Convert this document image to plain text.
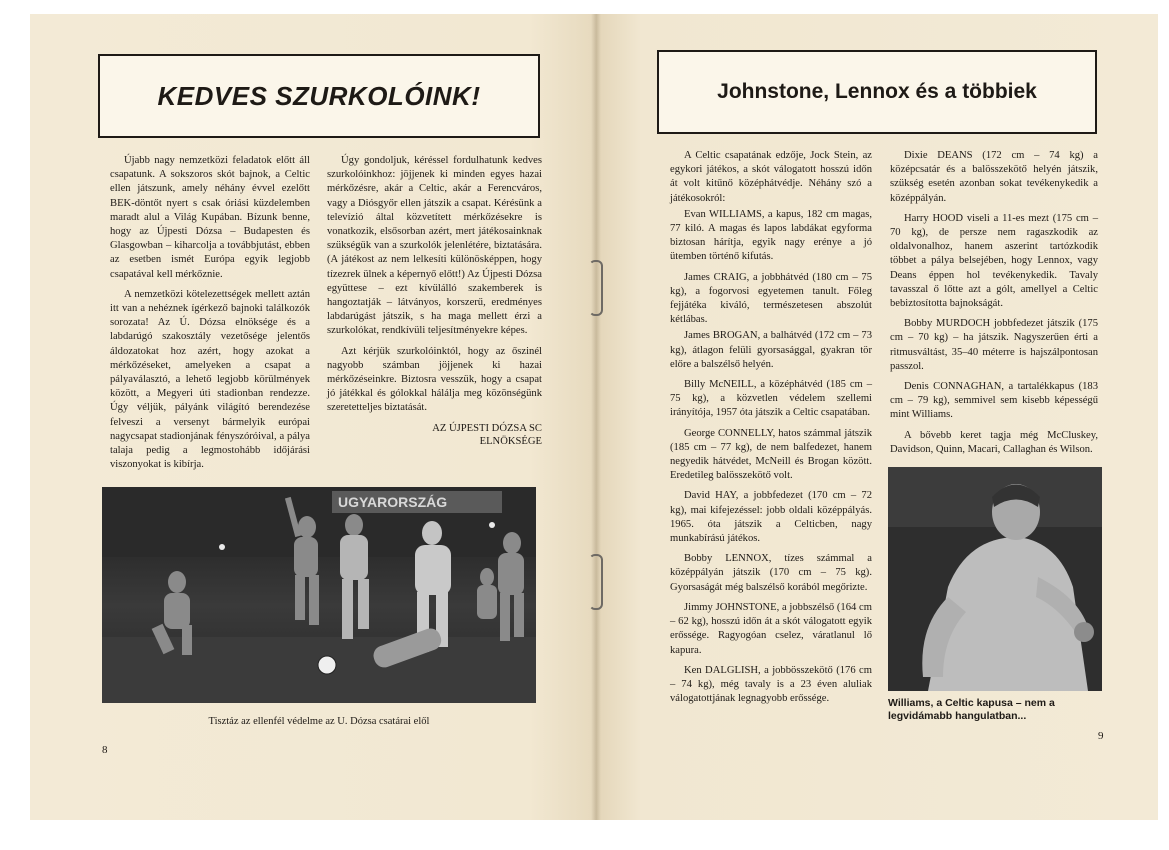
KEDVES SZURKOLÓINK!

Újabb nagy nemzetközi feladatok előtt áll csapatunk. A sokszoros skót bajnok, a Celtic ellen játszunk, amely néhány évvel ezelőtt BEK-döntőt nyert s csak óriási küzdelemben maradt alul a Világ Kupában. Bízunk benne, hogy az Újpesti Dózsa – Budapesten és Glasgowban – kiharcolja a továbbjutást, ebben az esetben ismét Európa egyik legjobb csapatával kell mérkőznie.

A nemzetközi kötelezettségek mellett aztán itt van a nehéznek ígérkező bajnoki találkozók sorozata! Az Ú. Dózsa elnöksége és a labdarúgó szakosztály vezetősége jelentős áldozatokat hoz azért, hogy azokat a mérkőzéseket, amelyeken a csapat a pályaválasztó, a lehető legjobb körülmények között, a Megyeri úti stadionban rendezze. Úgy véljük, pályánk világító berendezése felveszi a versenyt bármelyik európai nagycsapat stadionjának fényszóróival, a pálya talaja pedig a legmostohább időjárási viszonyokat is kibírja.

Úgy gondoljuk, kéréssel fordulhatunk kedves szurkolóinkhoz: jöjjenek ki minden egyes hazai mérkőzésre, akár a Celtic, akár a Ferencváros, vagy a Diósgyőr ellen játszik a csapat. Kérésünk a televízió által közvetített mérkőzésekre is vonatkozik, elsősorban azért, mert játékosainknak szükségük van a szurkolók jelenlétére, biztatására. (A játékost az nem lelkesíti különösképpen, hogy tízezrek ülnek a képernyő előtt!) Az Újpesti Dózsa együttese – ezt kívülálló szakemberek is hangoztatják – látványos, korszerű, eredményes labdarúgást játszik, s ha maga mellett érzi a szurkolókat, rendkívüli teljesítményekre képes.

Azt kérjük szurkolóinktól, hogy az őszinél nagyobb számban jöjjenek ki hazai mérkőzéseinkre. Biztosra vesszük, hogy a csapat jó játékkal és gólokkal hálálja meg közönségünk szeretetteljes biztatását.

AZ ÚJPESTI DÓZSA SC
ELNÖKSÉGE
UGYARORSZÁG
Tisztáz az ellenfél védelme az U. Dózsa csatárai elől
8
Johnstone, Lennox és a többiek

A Celtic csapatának edzője, Jock Stein, az egykori játékos, a skót válogatott hosszú időn át volt kitűnő középhátvédje. Néhány szó a játékosokról:

Evan WILLIAMS, a kapus, 182 cm magas, 77 kiló. A magas és lapos labdákat egyforma biztosan hárítja, egyik nagy erénye a jó ütemben történő kifutás.

James CRAIG, a jobbhátvéd (180 cm – 75 kg), a fogorvosi egyetemen tanult. Főleg fejjátéka kiváló, természetesen abszolút kétlábas.

James BROGAN, a balhátvéd (172 cm – 73 kg), átlagon felüli gyorsasággal, gyakran tör előre a balszélső helyén.

Billy McNEILL, a középhátvéd (185 cm – 75 kg), a közvetlen védelem szellemi irányítója, 1957 óta játszik a Celtic csapatában.

George CONNELLY, hatos számmal játszik (185 cm – 77 kg), de nem balfedezet, hanem negyedik hátvédet, McNeill és Brogan között. Eredetileg balösszekötő volt.

David HAY, a jobbfedezet (170 cm – 72 kg), mai kifejezéssel: jobb oldali középpályás. 1965. óta játszik a Celticben, nagy munkabírású játékos.

Bobby LENNOX, tízes számmal a középpályán játszik (170 cm – 75 kg). Gyorsaságát még balszélső korából megőrizte.

Jimmy JOHNSTONE, a jobbszélső (164 cm – 62 kg), hosszú időn át a skót válogatott egyik erőssége. Ragyogóan cselez, váratlanul lő kapura.

Ken DALGLISH, a jobbösszekötő (176 cm – 74 kg), még tavaly is a 23 éven aluliak válogatottjának legnagyobb erőssége.

Dixie DEANS (172 cm – 74 kg) a középcsatár és a balösszekötő helyén játszik, szükség esetén azonban sokat tevékenykedik a középpályán.

Harry HOOD viseli a 11-es mezt (175 cm – 70 kg), de persze nem ragaszkodik az oldalvonalhoz, hanem aszerint tartózkodik többet a pálya belsejében, hogy Lennox, vagy Deans éppen hol tevékenykedik. Tavaly tavasszal ő lőtte azt a gólt, amellyel a Celtic bebiztosította bajnokságát.

Bobby MURDOCH jobbfedezet játszik (175 cm – 70 kg) – ha játszik. Nagyszerűen érti a ritmusváltást, 35–40 méterre is hajszálpontosan passzol.

Denis CONNAGHAN, a tartalékkapus (183 cm – 79 kg), semmivel sem kisebb képességű mint Williams.

A bővebb keret tagja még McCluskey, Davidson, Quinn, Macari, Callaghan és Wilson.

Williams, a Celtic kapusa – nem a legvidámabb hangulatban...
9
